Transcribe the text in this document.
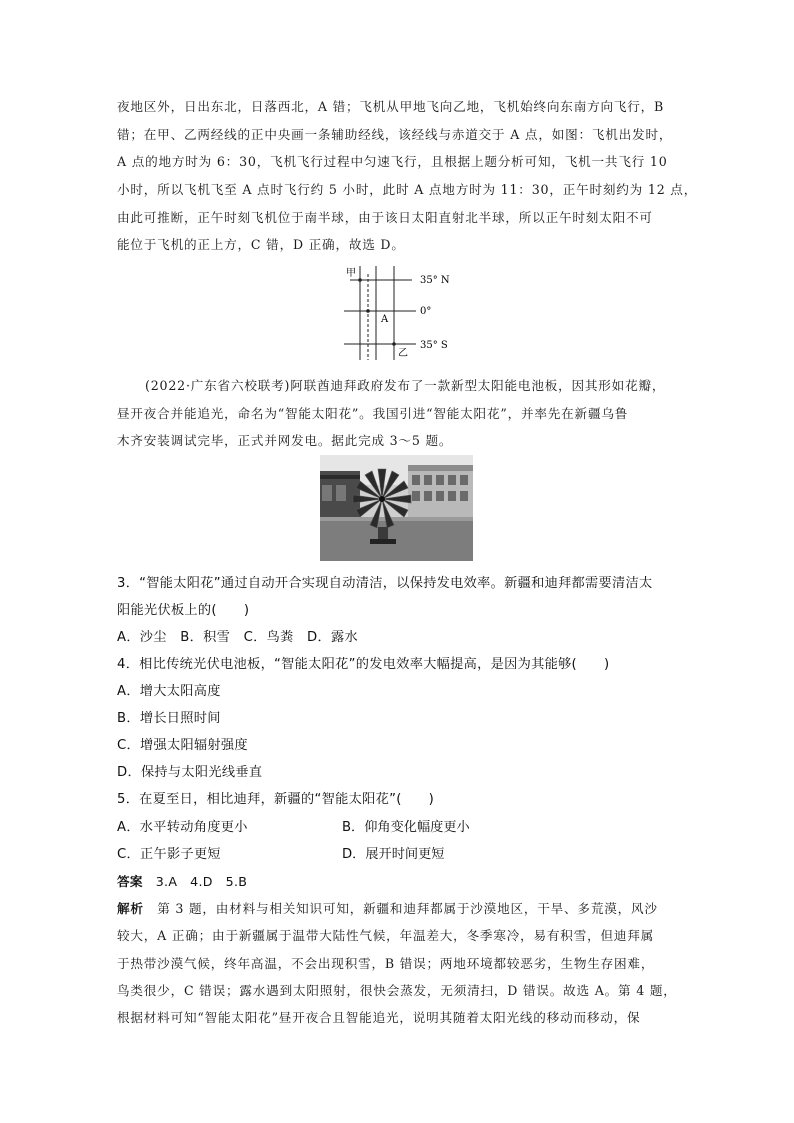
夜地区外，日出东北，日落西北，A 错；飞机从甲地飞向乙地，飞机始终向东南方向飞行，B
错；在甲、乙两经线的正中央画一条辅助经线，该经线与赤道交于 A 点，如图：飞机出发时，
A 点的地方时为 6：30，飞机飞行过程中匀速飞行，且根据上题分析可知，飞机一共飞行 10
小时，所以飞机飞至 A 点时飞行约 5 小时，此时 A 点地方时为 11：30，正午时刻约为 12 点，
由此可推断，正午时刻飞机位于南半球，由于该日太阳直射北半球，所以正午时刻太阳不可
能位于飞机的正上方，C 错，D 正确，故选 D。
甲
乙
A
35° N
0°
35° S
(2022·广东省六校联考)阿联酋迪拜政府发布了一款新型太阳能电池板，因其形如花瓣，
昼开夜合并能追光，命名为“智能太阳花”。我国引进“智能太阳花”，并率先在新疆乌鲁
木齐安装调试完毕，正式并网发电。据此完成 3～5 题。
3．“智能太阳花”通过自动开合实现自动清洁，以保持发电效率。新疆和迪拜都需要清洁太
阳能光伏板上的(　　)
A．沙尘　B．积雪　C．鸟粪　D．露水
4．相比传统光伏电池板，“智能太阳花”的发电效率大幅提高，是因为其能够(　　)
A．增大太阳高度
B．增长日照时间
C．增强太阳辐射强度
D．保持与太阳光线垂直
5．在夏至日，相比迪拜，新疆的“智能太阳花”(　　)
A．水平转动角度更小	B．仰角变化幅度更小
C．正午影子更短	D．展开时间更短
答案  3.A　4.D　5.B
解析  第 3 题，由材料与相关知识可知，新疆和迪拜都属于沙漠地区，干旱、多荒漠，风沙
较大，A 正确；由于新疆属于温带大陆性气候，年温差大，冬季寒冷，易有积雪，但迪拜属
于热带沙漠气候，终年高温，不会出现积雪，B 错误；两地环境都较恶劣，生物生存困难，
鸟类很少，C 错误；露水遇到太阳照射，很快会蒸发，无须清扫，D 错误。故选 A。第 4 题，
根据材料可知“智能太阳花”昼开夜合且智能追光，说明其随着太阳光线的移动而移动，保
